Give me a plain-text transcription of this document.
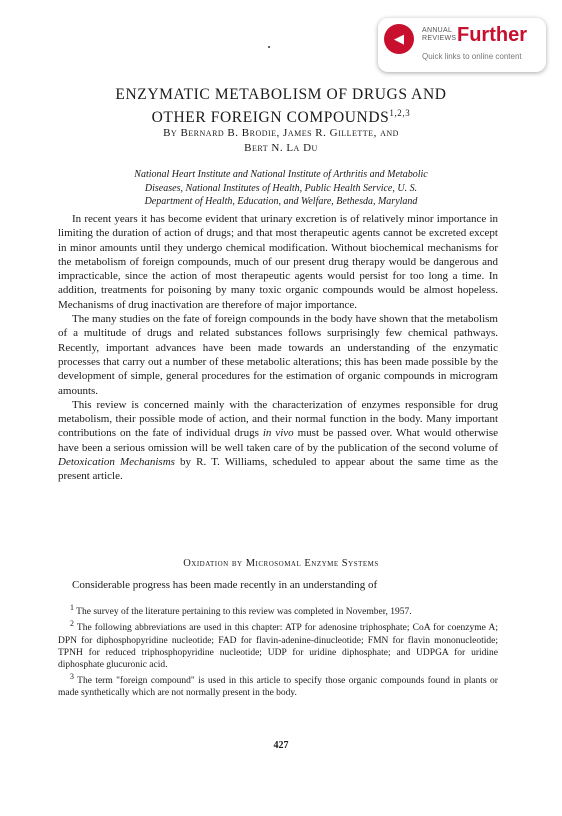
◀
ANNUAL
REVIEWS Further
Quick links to online content
ENZYMATIC METABOLISM OF DRUGS AND
OTHER FOREIGN COMPOUNDS$^{1,2,3}$
By Bernard B. Brodie, James R. Gillette, and
Bert N. La Du
National Heart Institute and National Institute of Arthritis and Metabolic
Diseases, National Institutes of Health, Public Health Service, U. S.
Department of Health, Education, and Welfare, Bethesda, Maryland

In recent years it has become evident that urinary excretion is of relatively minor importance in limiting the duration of action of drugs; and that most therapeutic agents cannot be excreted except in minor amounts until they undergo chemical modification. Without biochemical mechanisms for the metabolism of foreign compounds, much of our present drug therapy would be dangerous and impracticable, since the action of most therapeutic agents would persist for too long a time. In addition, treatments for poisoning by many toxic organic compounds would be almost hopeless. Mechanisms of drug inactivation are therefore of major importance.

The many studies on the fate of foreign compounds in the body have shown that the metabolism of a multitude of drugs and related substances follows surprisingly few chemical pathways. Recently, important advances have been made towards an understanding of the enzymatic processes that carry out a number of these metabolic alterations; this has been made possible by the development of simple, general procedures for the estimation of organic compounds in microgram amounts.

This review is concerned mainly with the characterization of enzymes responsible for drug metabolism, their possible mode of action, and their normal function in the body. Many important contributions on the fate of individual drugs in vivo must be passed over. What would otherwise have been a serious omission will be well taken care of by the publication of the second volume of Detoxication Mechanisms by R. T. Williams, scheduled to appear about the same time as the present article.

Oxidation by Microsomal Enzyme Systems

Considerable progress has been made recently in an understanding of

$^1$ The survey of the literature pertaining to this review was completed in November, 1957.

$^2$ The following abbreviations are used in this chapter: ATP for adenosine triphosphate; CoA for coenzyme A; DPN for diphosphopyridine nucleotide; FAD for flavin-adenine-dinucleotide; FMN for flavin mononucleotide; TPNH for reduced triphosphopyridine nucleotide; UDP for uridine diphosphate; and UDPGA for uridine diphosphate glucuronic acid.

$^3$ The term "foreign compound" is used in this article to specify those organic compounds found in plants or made synthetically which are not normally present in the body.

427
